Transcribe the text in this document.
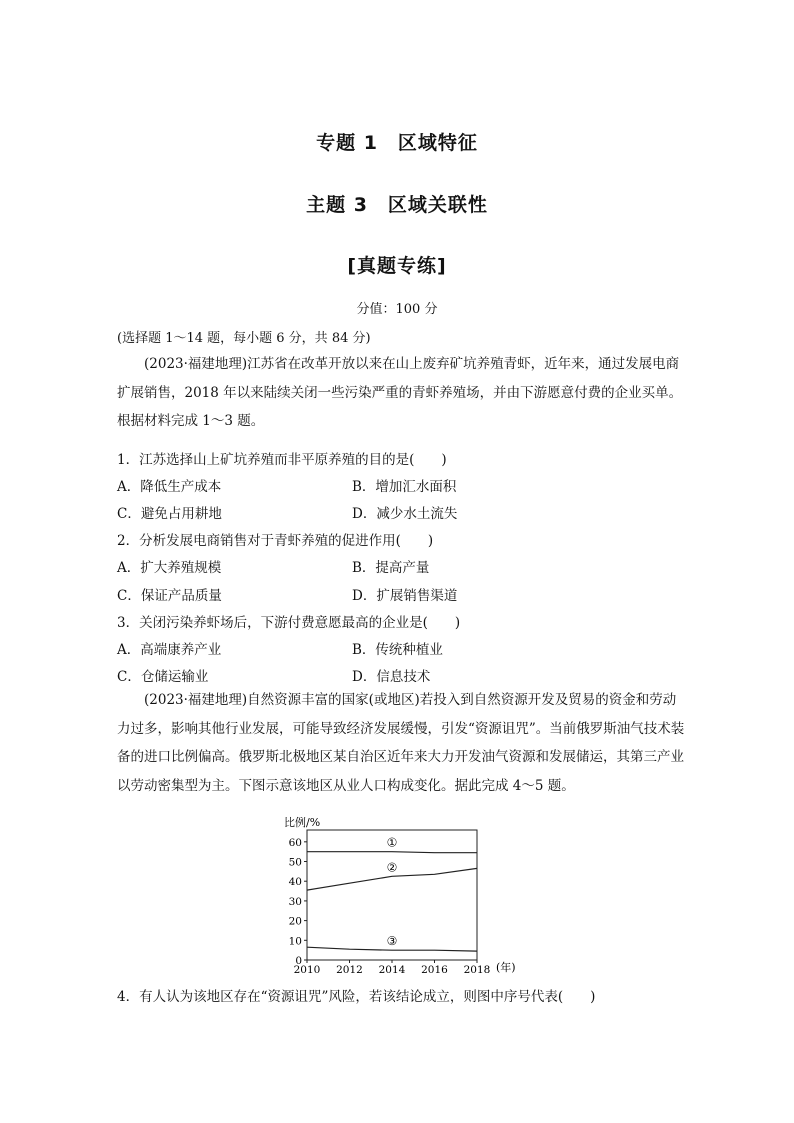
专题 1　区域特征
主题 3　区域关联性
[真题专练]
分值：100 分
(选择题 1～14 题，每小题 6 分，共 84 分)
(2023·福建地理)江苏省在改革开放以来在山上废弃矿坑养殖青虾，近年来，通过发展电商扩展销售，2018 年以来陆续关闭一些污染严重的青虾养殖场，并由下游愿意付费的企业买单。根据材料完成 1～3 题。
1．江苏选择山上矿坑养殖而非平原养殖的目的是(　　)
A．降低生产成本	B．增加汇水面积
C．避免占用耕地	D．减少水土流失
2．分析发展电商销售对于青虾养殖的促进作用(　　)
A．扩大养殖规模	B．提高产量
C．保证产品质量	D．扩展销售渠道
3．关闭污染养虾场后，下游付费意愿最高的企业是(　　)
A．高端康养产业	B．传统种植业
C．仓储运输业	D．信息技术
(2023·福建地理)自然资源丰富的国家(或地区)若投入到自然资源开发及贸易的资金和劳动力过多，影响其他行业发展，可能导致经济发展缓慢，引发“资源诅咒”。当前俄罗斯油气技术装备的进口比例偏高。俄罗斯北极地区某自治区近年来大力开发油气资源和发展储运，其第三产业以劳动密集型为主。下图示意该地区从业人口构成变化。据此完成 4～5 题。
比例/%
(年)
0
10
20
30
40
50
60
2010 2012 2014 2016 2018
①
②
③
4．有人认为该地区存在“资源诅咒”风险，若该结论成立，则图中序号代表(　　)
